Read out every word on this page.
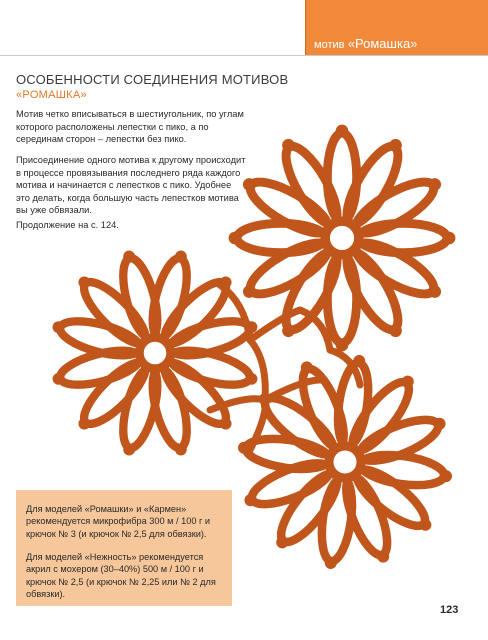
мотив «Ромашка»
ОСОБЕННОСТИ СОЕДИНЕНИЯ МОТИВОВ
«РОМАШКА»

Мотив четко вписываться в шестиугольник, по углам которого расположены лепестки с пико, а по серединам сторон – лепестки без пико.

Присоединение одного мотива к другому происходит в процессе провязывания последнего ряда каждого мотива и начинается с лепестков с пико. Удобнее это делать, когда большую часть лепестков мотива вы уже обвязали.

Продолжение на с. 124.

Для моделей «Ромашки» и «Кармен» рекомендуется микрофибра 300 м / 100 г и крючок № 3 (и крючок № 2,5 для обвязки).

Для моделей «Нежность» рекомендуется акрил с мохером (30–40%) 500 м / 100 г и крючок № 2,5 (и крючок № 2,25 или № 2 для обвязки).

123
